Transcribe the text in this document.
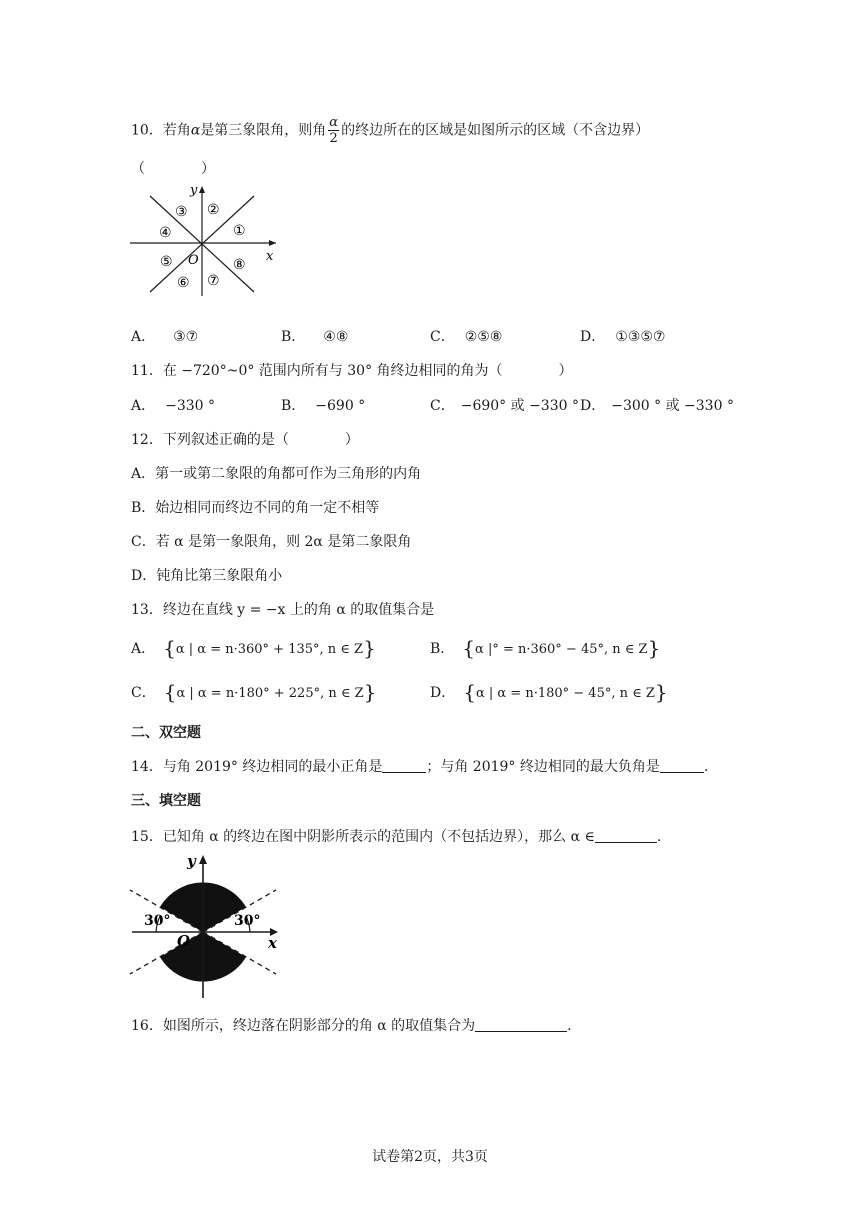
10．若角α是第三象限角，则角 $\frac{\alpha}{2}$ 的终边所在的区域是如图所示的区域（不含边界）
（　　　　）
y
x
O
①
②
③
④
⑤
⑥ ⑦
⑧
A． ③⑦	B． ④⑧	C． ②⑤⑧	D． ①③⑤⑦
11．在 −720°~0° 范围内所有与 30° 角终边相同的角为（　　　　）
A． −330 °	B． −690 °	C． −690° 或 −330 ° D． −300 ° 或 −330 °
12．下列叙述正确的是（　　　　）
A．第一或第二象限的角都可作为三角形的内角
B．始边相同而终边不同的角一定不相等
C．若 α 是第一象限角，则 2α 是第二象限角
D．钝角比第三象限角小
13．终边在直线 y = −x 上的角 α 的取值集合是
A． {α | α = n·360° + 135°, n ∈ Z}	B． {α |° = n·360° − 45°, n ∈ Z}
C． {α | α = n·180° + 225°, n ∈ Z}	D． {α | α = n·180° − 45°, n ∈ Z}
二、双空题
14．与角 2019° 终边相同的最小正角是	；与角 2019° 终边相同的最大负角是	.
三、填空题
15．已知角 α 的终边在图中阴影所表示的范围内（不包括边界），那么 α ∈	.
y
x
O
30°	30°
16．如图所示，终边落在阴影部分的角 α 的取值集合为	.
试卷第2页，共3页
